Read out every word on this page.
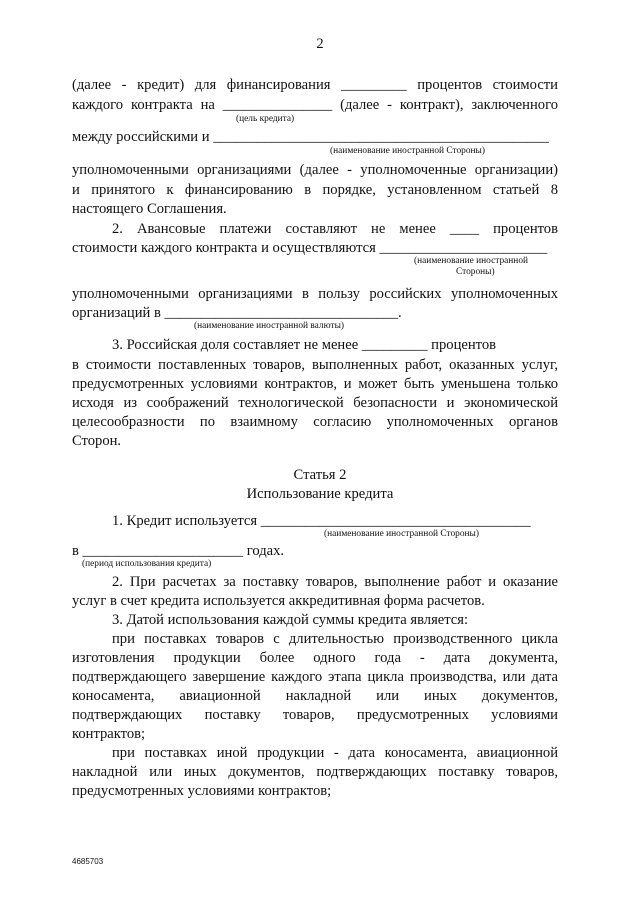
2
(далее - кредит) для финансирования _________ процентов стоимости
каждого контракта на _______________ (далее - контракт), заключенного
(цель кредита)
между российскими и ______________________________________________
(наименование иностранной Стороны)
уполномоченными организациями (далее - уполномоченные организации)
и принятого к финансированию в порядке, установленном статьей 8
настоящего Соглашения.
2. Авансовые платежи составляют не менее ____ процентов
стоимости каждого контракта и осуществляются _______________________
(наименование иностранной
Стороны)
уполномоченными организациями в пользу российских уполномоченных
организаций в ________________________________.
(наименование иностранной валюты)
3. Российская доля составляет не менее _________ процентов
в стоимости поставленных товаров, выполненных работ, оказанных услуг,
предусмотренных условиями контрактов, и может быть уменьшена только
исходя из соображений технологической безопасности и экономической
целесообразности по взаимному согласию уполномоченных органов
Сторон.
Статья 2
Использование кредита
1. Кредит используется _____________________________________
(наименование иностранной Стороны)
в ______________________ годах.
(период использования кредита)
2. При расчетах за поставку товаров, выполнение работ и оказание
услуг в счет кредита используется аккредитивная форма расчетов.
3. Датой использования каждой суммы кредита является:
при поставках товаров с длительностью производственного цикла
изготовления продукции более одного года - дата документа,
подтверждающего завершение каждого этапа цикла производства, или дата
коносамента, авиационной накладной или иных документов,
подтверждающих поставку товаров, предусмотренных условиями
контрактов;
при поставках иной продукции - дата коносамента, авиационной
накладной или иных документов, подтверждающих поставку товаров,
предусмотренных условиями контрактов;
4685703
